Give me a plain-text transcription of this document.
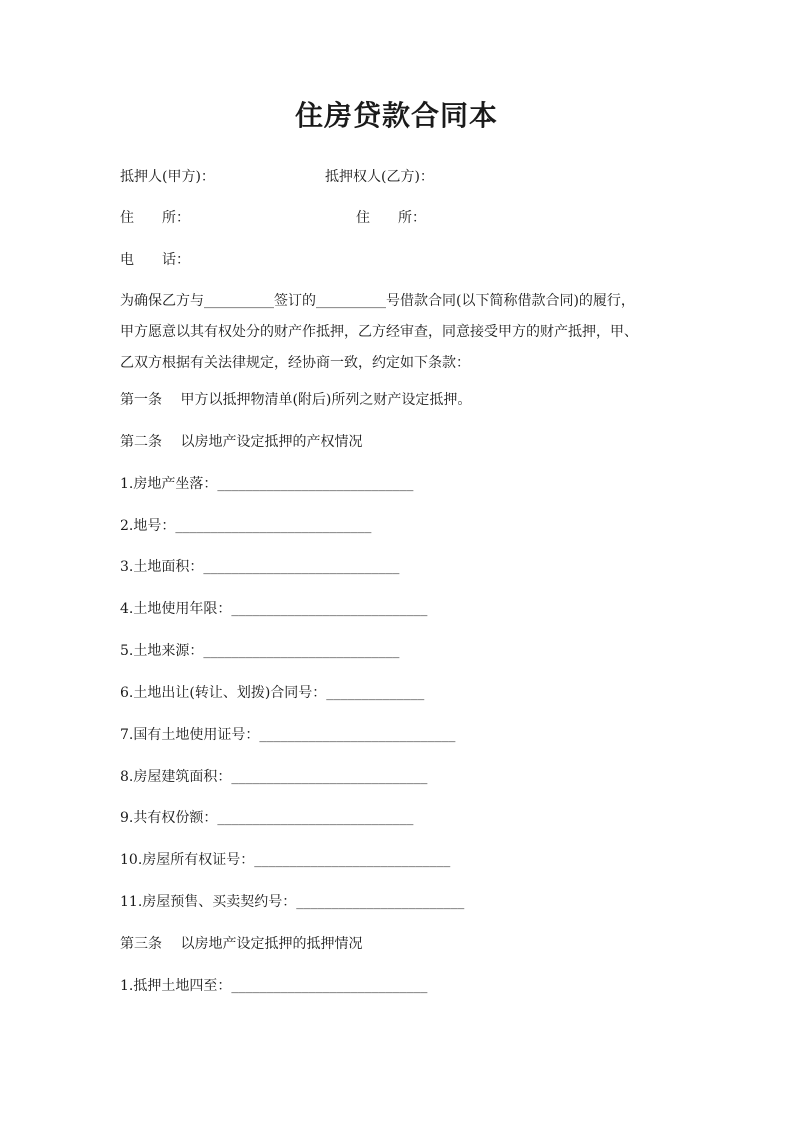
住房贷款合同本
抵押人(甲方)：	抵押权人(乙方)：
住　　所：	住　　所：
电　　话：
为确保乙方与__________签订的__________号借款合同(以下简称借款合同)的履行，
甲方愿意以其有权处分的财产作抵押，乙方经审查，同意接受甲方的财产抵押，甲、
乙双方根据有关法律规定，经协商一致，约定如下条款：
第一条　 甲方以抵押物清单(附后)所列之财产设定抵押。
第二条　 以房地产设定抵押的产权情况
1.房地产坐落：____________________________
2.地号：____________________________
3.土地面积：____________________________
4.土地使用年限：____________________________
5.土地来源：____________________________
6.土地出让(转让、划拨)合同号：______________
7.国有土地使用证号：____________________________
8.房屋建筑面积：____________________________
9.共有权份额：____________________________
10.房屋所有权证号：____________________________
11.房屋预售、买卖契约号：________________________
第三条　 以房地产设定抵押的抵押情况
1.抵押土地四至：____________________________
